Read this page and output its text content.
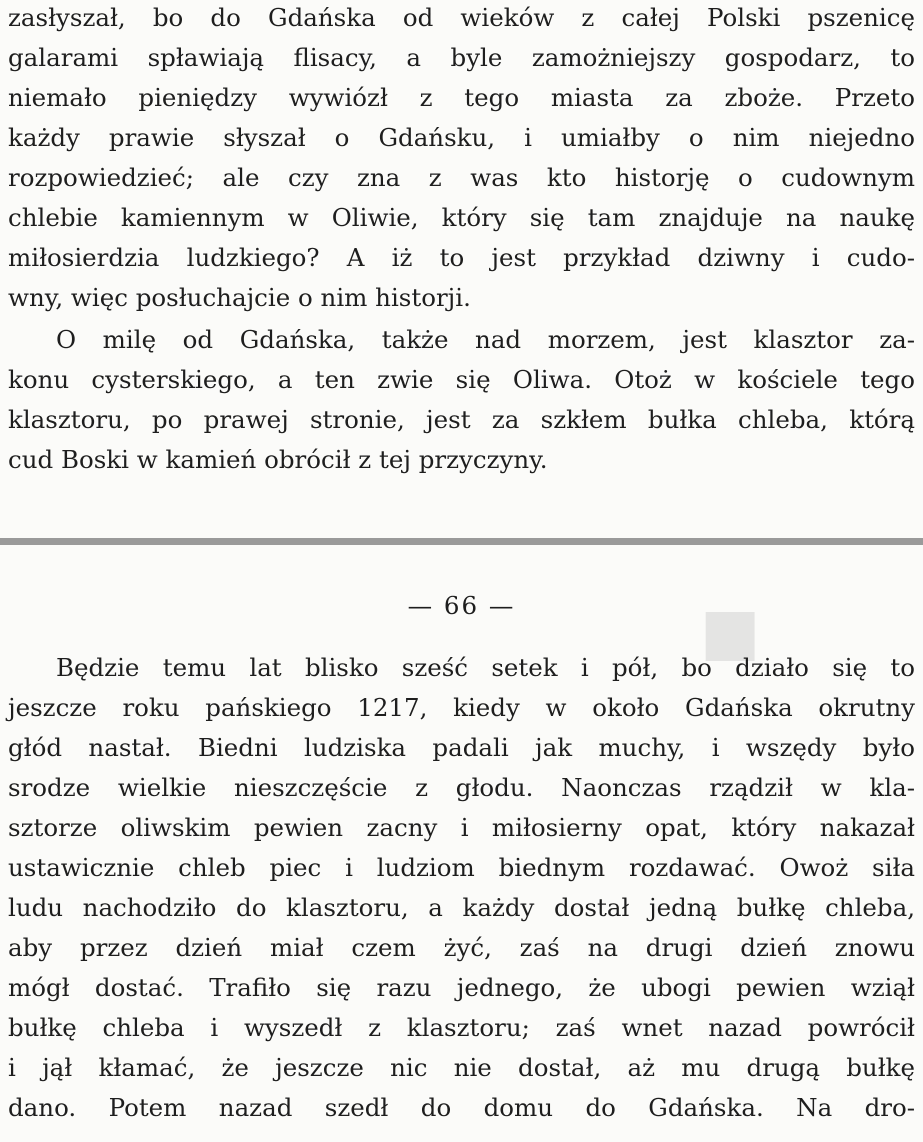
zasłyszał, bo do Gdańska od wieków z całej Polski pszenicę
galarami spławiają flisacy, a byle zamożniejszy gospodarz, to
niemało pieniędzy wywiózł z tego miasta za zboże. Przeto
każdy prawie słyszał o Gdańsku, i umiałby o nim niejedno
rozpowiedzieć; ale czy zna z was kto historję o cudownym
chlebie kamiennym w Oliwie, który się tam znajduje na naukę
miłosierdzia ludzkiego? A iż to jest przykład dziwny i cudo-
wny, więc posłuchajcie o nim historji.
O milę od Gdańska, także nad morzem, jest klasztor za-
konu cysterskiego, a ten zwie się Oliwa. Otoż w kościele tego
klasztoru, po prawej stronie, jest za szkłem bułka chleba, którą
cud Boski w kamień obrócił z tej przyczyny.
■
— 66 —
Będzie temu lat blisko sześć setek i pół, bo działo się to
jeszcze roku pańskiego 1217, kiedy w około Gdańska okrutny
głód nastał. Biedni ludziska padali jak muchy, i wszędy było
srodze wielkie nieszczęście z głodu. Naonczas rządził w kla-
sztorze oliwskim pewien zacny i miłosierny opat, który nakazał
ustawicznie chleb piec i ludziom biednym rozdawać. Owoż siła
ludu nachodziło do klasztoru, a każdy dostał jedną bułkę chleba,
aby przez dzień miał czem żyć, zaś na drugi dzień znowu
mógł dostać. Trafiło się razu jednego, że ubogi pewien wziął
bułkę chleba i wyszedł z klasztoru; zaś wnet nazad powrócił
i jął kłamać, że jeszcze nic nie dostał, aż mu drugą bułkę
dano. Potem nazad szedł do domu do Gdańska. Na dro-
